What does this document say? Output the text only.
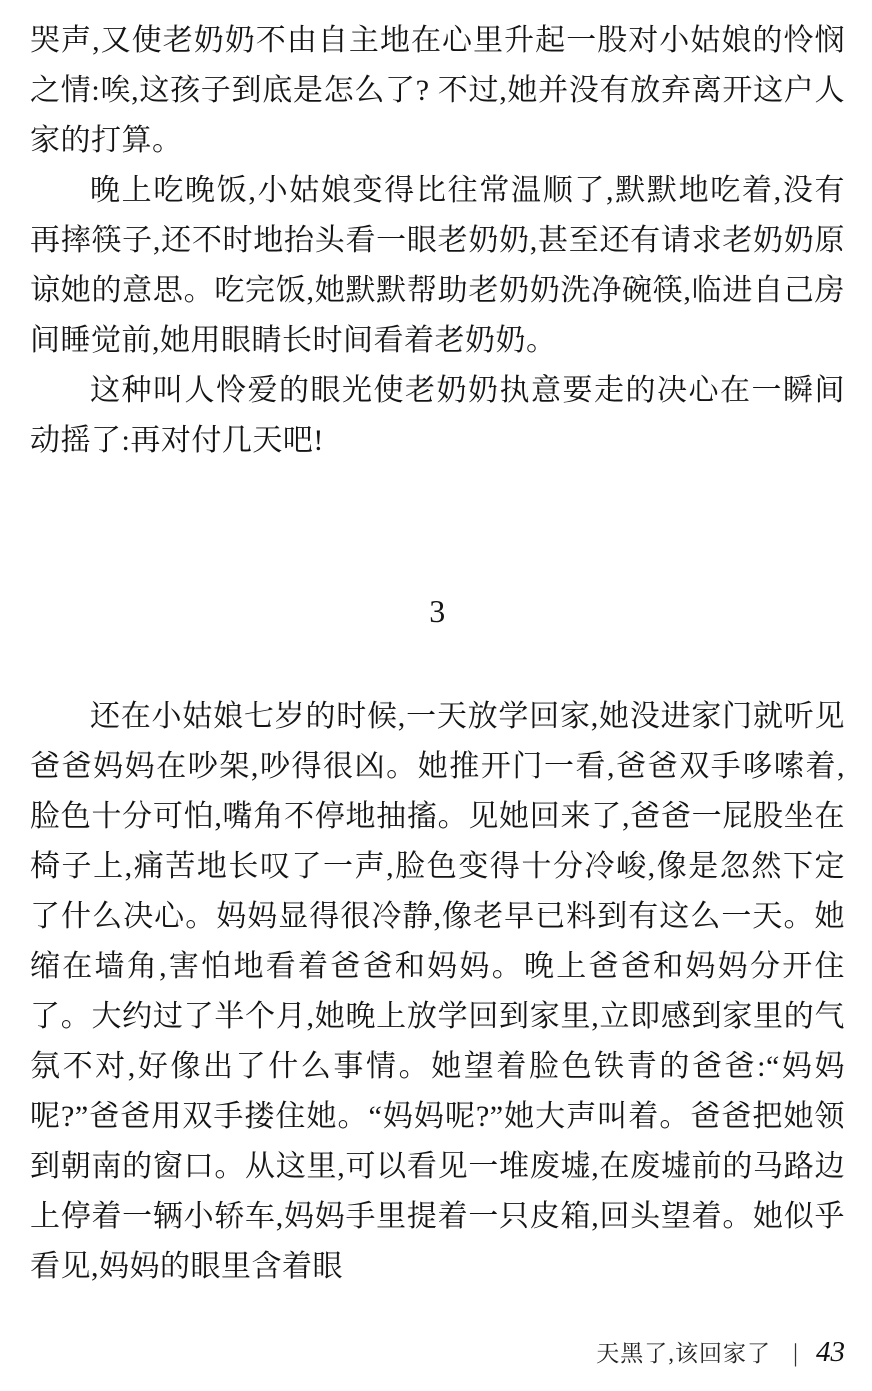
哭声,又使老奶奶不由自主地在心里升起一股对小姑娘的怜悯之情:唉,这孩子到底是怎么了? 不过,她并没有放弃离开这户人家的打算。

晚上吃晚饭,小姑娘变得比往常温顺了,默默地吃着,没有再摔筷子,还不时地抬头看一眼老奶奶,甚至还有请求老奶奶原谅她的意思。吃完饭,她默默帮助老奶奶洗净碗筷,临进自己房间睡觉前,她用眼睛长时间看着老奶奶。

这种叫人怜爱的眼光使老奶奶执意要走的决心在一瞬间动摇了:再对付几天吧!

3

还在小姑娘七岁的时候,一天放学回家,她没进家门就听见爸爸妈妈在吵架,吵得很凶。她推开门一看,爸爸双手哆嗦着,脸色十分可怕,嘴角不停地抽搐。见她回来了,爸爸一屁股坐在椅子上,痛苦地长叹了一声,脸色变得十分冷峻,像是忽然下定了什么决心。妈妈显得很冷静,像老早已料到有这么一天。她缩在墙角,害怕地看着爸爸和妈妈。晚上爸爸和妈妈分开住了。大约过了半个月,她晚上放学回到家里,立即感到家里的气氛不对,好像出了什么事情。她望着脸色铁青的爸爸:“妈妈呢?”爸爸用双手搂住她。“妈妈呢?”她大声叫着。爸爸把她领到朝南的窗口。从这里,可以看见一堆废墟,在废墟前的马路边上停着一辆小轿车,妈妈手里提着一只皮箱,回头望着。她似乎看见,妈妈的眼里含着眼

天黑了,该回家了 | 43
